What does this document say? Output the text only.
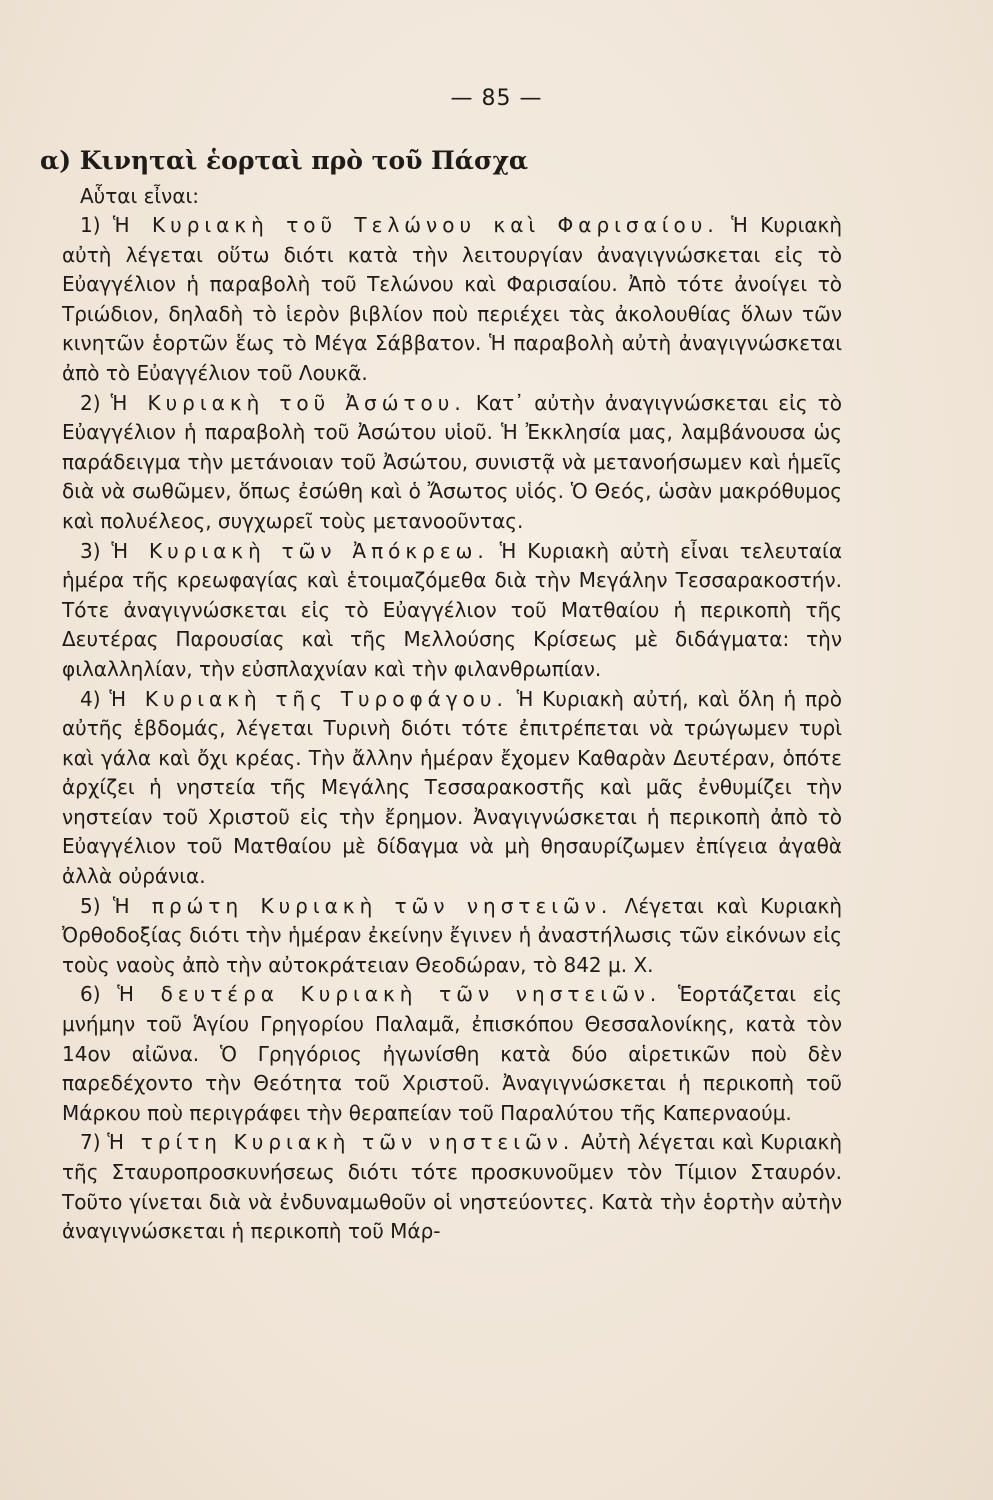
— 85 —
α) Κινηταὶ ἑορταὶ πρὸ τοῦ Πάσχα

Αὗται εἶναι:

1) Ἡ Κυριακὴ τοῦ Τελώνου καὶ Φαρισαίου. Ἡ Κυριακὴ αὐτὴ λέγεται οὕτω διότι κατὰ τὴν λειτουργίαν ἀναγιγνώσκεται εἰς τὸ Εὐαγγέλιον ἡ παραβολὴ τοῦ Τελώνου καὶ Φαρισαίου. Ἀπὸ τότε ἀνοίγει τὸ Τριώδιον, δηλαδὴ τὸ ἱερὸν βιβλίον ποὺ περιέχει τὰς ἀκολουθίας ὅλων τῶν κινητῶν ἑορτῶν ἕως τὸ Μέγα Σάββατον. Ἡ παραβολὴ αὐτὴ ἀναγιγνώσκεται ἀπὸ τὸ Εὐαγγέλιον τοῦ Λουκᾶ.

2) Ἡ Κυριακὴ τοῦ Ἀσώτου. Κατ᾽ αὐτὴν ἀναγιγνώσκεται εἰς τὸ Εὐαγγέλιον ἡ παραβολὴ τοῦ Ἀσώτου υἱοῦ. Ἡ Ἐκκλησία μας, λαμβάνουσα ὡς παράδειγμα τὴν μετάνοιαν τοῦ Ἀσώτου, συνιστᾷ νὰ μετανοήσωμεν καὶ ἡμεῖς διὰ νὰ σωθῶμεν, ὅπως ἐσώθη καὶ ὁ Ἄσωτος υἱός. Ὁ Θεός, ὡσὰν μακρόθυμος καὶ πολυέλεος, συγχωρεῖ τοὺς μετανοοῦντας.

3) Ἡ Κυριακὴ τῶν Ἀπόκρεω. Ἡ Κυριακὴ αὐτὴ εἶναι τελευταία ἡμέρα τῆς κρεωφαγίας καὶ ἑτοιμαζόμεθα διὰ τὴν Μεγάλην Τεσσαρακοστήν. Τότε ἀναγιγνώσκεται εἰς τὸ Εὐαγγέλιον τοῦ Ματθαίου ἡ περικοπὴ τῆς Δευτέρας Παρουσίας καὶ τῆς Μελλούσης Κρίσεως μὲ διδάγματα: τὴν φιλαλληλίαν, τὴν εὐσπλαχνίαν καὶ τὴν φιλανθρωπίαν.

4) Ἡ Κυριακὴ τῆς Τυροφάγου. Ἡ Κυριακὴ αὐτή, καὶ ὅλη ἡ πρὸ αὐτῆς ἑβδομάς, λέγεται Τυρινὴ διότι τότε ἐπιτρέπεται νὰ τρώγωμεν τυρὶ καὶ γάλα καὶ ὄχι κρέας. Τὴν ἄλλην ἡμέραν ἔχομεν Καθαρὰν Δευτέραν, ὁπότε ἀρχίζει ἡ νηστεία τῆς Μεγάλης Τεσσαρακοστῆς καὶ μᾶς ἐνθυμίζει τὴν νηστείαν τοῦ Χριστοῦ εἰς τὴν ἔρημον. Ἀναγιγνώσκεται ἡ περικοπὴ ἀπὸ τὸ Εὐαγγέλιον τοῦ Ματθαίου μὲ δίδαγμα νὰ μὴ θησαυρίζωμεν ἐπίγεια ἀγαθὰ ἀλλὰ οὐράνια.

5) Ἡ πρώτη Κυριακὴ τῶν νηστειῶν. Λέγεται καὶ Κυριακὴ Ὀρθοδοξίας διότι τὴν ἡμέραν ἐκείνην ἔγινεν ἡ ἀναστήλωσις τῶν εἰκόνων εἰς τοὺς ναοὺς ἀπὸ τὴν αὐτοκράτειαν Θεοδώραν, τὸ 842 μ. Χ.

6) Ἡ δευτέρα Κυριακὴ τῶν νηστειῶν. Ἑορτάζεται εἰς μνήμην τοῦ Ἁγίου Γρηγορίου Παλαμᾶ, ἐπισκόπου Θεσσαλονίκης, κατὰ τὸν 14ον αἰῶνα. Ὁ Γρηγόριος ἠγωνίσθη κατὰ δύο αἱρετικῶν ποὺ δὲν παρεδέχοντο τὴν Θεότητα τοῦ Χριστοῦ. Ἀναγιγνώσκεται ἡ περικοπὴ τοῦ Μάρκου ποὺ περιγράφει τὴν θεραπείαν τοῦ Παραλύτου τῆς Καπερναούμ.

7) Ἡ τρίτη Κυριακὴ τῶν νηστειῶν. Αὐτὴ λέγεται καὶ Κυριακὴ τῆς Σταυροπροσκυνήσεως διότι τότε προσκυνοῦμεν τὸν Τίμιον Σταυρόν. Τοῦτο γίνεται διὰ νὰ ἐνδυναμωθοῦν οἱ νηστεύοντες. Κατὰ τὴν ἑορτὴν αὐτὴν ἀναγιγνώσκεται ἡ περικοπὴ τοῦ Μάρ-
